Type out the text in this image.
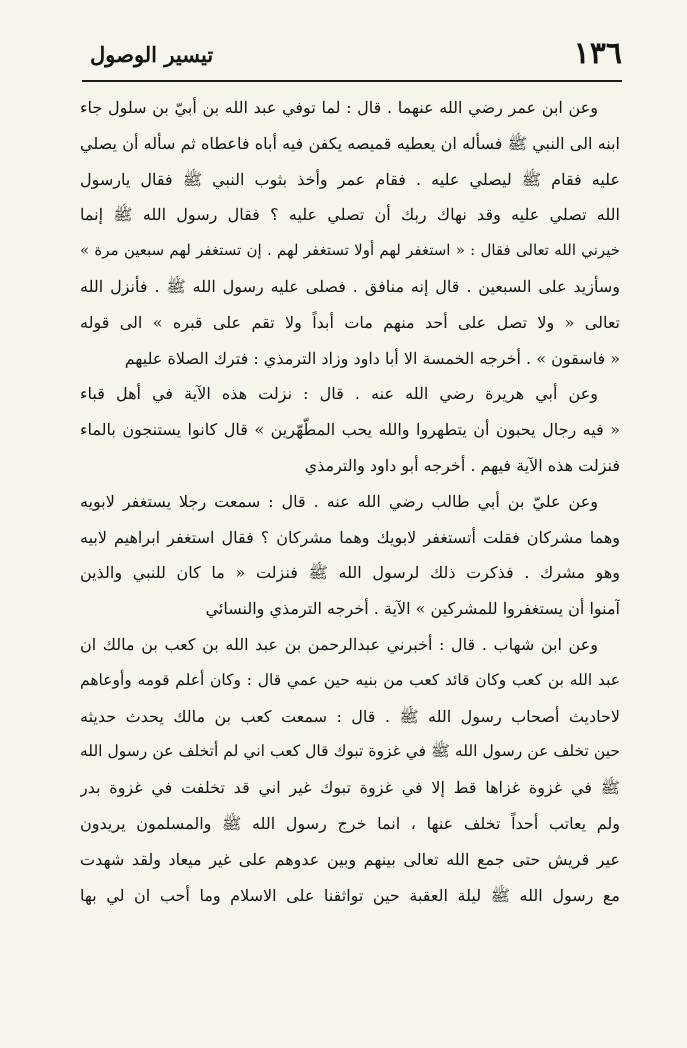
١٣٦
تيسير الوصول
وعن ابن عمر رضي الله عنهما . قال : لما توفي عبد الله بن أبيّ بن سلول جاء
ابنه الى النبي ﷺ فسأله ان يعطيه قميصه يكفن فيه أباه فاعطاه ثم سأله أن يصلي
عليه فقام ﷺ ليصلي عليه . فقام عمر وأخذ بثوب النبي ﷺ فقال يارسول
الله تصلي عليه وقد نهاك ربك أن تصلي عليه ؟ فقال رسول الله ﷺ إنما
خيرني الله تعالى فقال : « استغفر لهم أولا تستغفر لهم . إن تستغفر لهم سبعين مرة »
وسأزيد على السبعين . قال إنه منافق . فصلى عليه رسول الله ﷺ . فأنزل الله
تعالى « ولا تصل على أحد منهم مات أبداً ولا تقم على قبره » الى قوله
« فاسقون » . أخرجه الخمسة الا أبا داود وزاد الترمذي : فترك الصلاة عليهم
وعن أبي هريرة رضي الله عنه . قال : نزلت هذه الآية في أهل قباء
« فيه رجال يحبون أن يتطهروا والله يحب المطّهّرين » قال كانوا يستنجون بالماء
فنزلت هذه الآية فيهم . أخرجه أبو داود والترمذي
وعن عليّ بن أبي طالب رضي الله عنه . قال : سمعت رجلا يستغفر لابويه
وهما مشركان فقلت أتستغفر لابويك وهما مشركان ؟ فقال استغفر ابراهيم لابيه
وهو مشرك . فذكرت ذلك لرسول الله ﷺ فنزلت « ما كان للنبي والذين
آمنوا أن يستغفروا للمشركين » الآية . أخرجه الترمذي والنسائي
وعن ابن شهاب . قال : أخبرني عبدالرحمن بن عبد الله بن كعب بن مالك ان
عبد الله بن كعب وكان قائد كعب من بنيه حين عمي قال : وكان أعلم قومه وأوعاهم
لاحاديث أصحاب رسول الله ﷺ . قال : سمعت كعب بن مالك يحدث حديثه
حين تخلف عن رسول الله ﷺ في غزوة تبوك قال كعب اني لم أتخلف عن رسول الله
ﷺ في غزوة غزاها قط إلا في غزوة تبوك غير اني قد تخلفت في غزوة بدر
ولم يعاتب أحداً تخلف عنها ، انما خرج رسول الله ﷺ والمسلمون يريدون
عير قريش حتى جمع الله تعالى بينهم وبين عدوهم على غير ميعاد ولقد شهدت
مع رسول الله ﷺ ليلة العقبة حين تواثقنا على الاسلام وما أحب ان لي بها
